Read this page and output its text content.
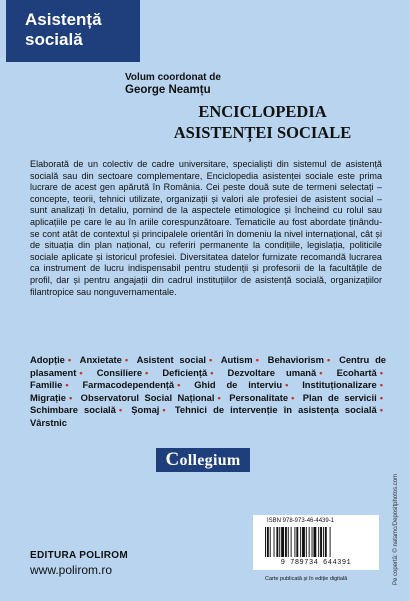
Asistență
socială
Volum coordonat de
George Neamțu
ENCICLOPEDIA
ASISTENȚEI SOCIALE
Elaborată de un colectiv de cadre universitare, specialiști din sistemul de asistență socială sau din sectoare complementare, Enciclopedia asistenței sociale este prima lucrare de acest gen apărută în România. Cei peste două sute de termeni selectați – concepte, teorii, tehnici utilizate, organizații și valori ale profesiei de asistent social – sunt analizați în detaliu, pornind de la aspectele etimologice și încheind cu rolul sau aplicațiile pe care le au în ariile corespunzătoare. Tematicile au fost abordate ținându-se cont atât de contextul și principalele orientări în domeniu la nivel internațional, cât și de situația din plan național, cu referiri permanente la condițiile, legislația, politicile sociale aplicate și istoricul profesiei. Diversitatea datelor furnizate recomandă lucrarea ca instrument de lucru indispensabil pentru studenții și profesorii de la facultățile de profil, dar și pentru angajații din cadrul instituțiilor de asistență socială, organizațiilor filantropice sau nonguvernamentale.
Adopție • Anxietate • Asistent social • Autism • Behaviorism • Centru de plasament • Consiliere • Deficiență • Dezvoltare umană • Ecohartă • Familie • Farmacodependență • Ghid de interviu • Instituționalizare • Migrație • Observatorul Social Național • Personalitate • Plan de servicii • Schimbare socială • Șomaj • Tehnici de intervenție în asistența socială • Vârstnic
Collegium
EDITURA POLIROM
www.polirom.ro
ISBN 978-973-46-4439-1
9 789734 644391
Carte publicată și în ediție digitală	Pe copertă: © natamc/Depositphotos.com
